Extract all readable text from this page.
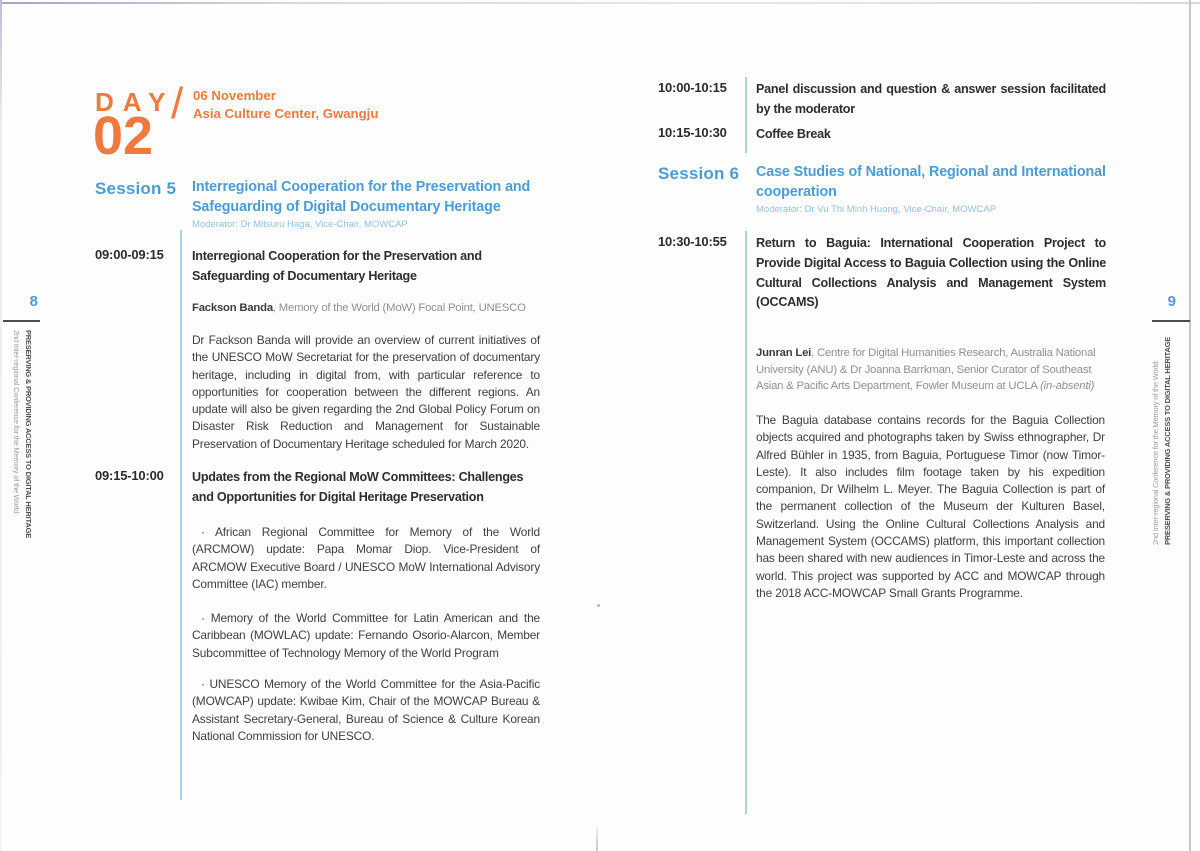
DAY
02
/ 06 November
Asia Culture Center, Gwangju
Session 5 Interregional Cooperation for the Preservation and Safeguarding of Digital Documentary Heritage
Moderator: Dr Mitsuru Haga, Vice-Chair, MOWCAP
09:00-09:15 Interregional Cooperation for the Preservation and Safeguarding of Documentary Heritage
Fackson Banda, Memory of the World (MoW) Focal Point, UNESCO
Dr Fackson Banda will provide an overview of current initiatives of the UNESCO MoW Secretariat for the preservation of documentary heritage, including in digital from, with particular reference to opportunities for cooperation between the different regions. An update will also be given regarding the 2nd Global Policy Forum on Disaster Risk Reduction and Management for Sustainable Preservation of Documentary Heritage scheduled for March 2020.
09:15-10:00 Updates from the Regional MoW Committees: Challenges and Opportunities for Digital Heritage Preservation
· African Regional Committee for Memory of the World (ARCMOW) update: Papa Momar Diop. Vice-President of ARCMOW Executive Board / UNESCO MoW International Advisory Committee (IAC) member.
· Memory of the World Committee for Latin American and the Caribbean (MOWLAC) update: Fernando Osorio-Alarcon, Member Subcommittee of Technology Memory of the World Program
· UNESCO Memory of the World Committee for the Asia-Pacific (MOWCAP) update: Kwibae Kim, Chair of the MOWCAP Bureau & Assistant Secretary-General, Bureau of Science & Culture Korean National Commission for UNESCO.
8
2nd Inter-regional Conference for the Memory of the World: PRESERVING & PROVIDING ACCESS TO DIGITAL HERITAGE
10:00-10:15 Panel discussion and question & answer session facilitated by the moderator
10:15-10:30 Coffee Break
Session 6 Case Studies of National, Regional and International cooperation
Moderator: Dr Vu Thi Minh Huong, Vice-Chair, MOWCAP
10:30-10:55 Return to Baguia: International Cooperation Project to Provide Digital Access to Baguia Collection using the Online Cultural Collections Analysis and Management System (OCCAMS)
Junran Lei, Centre for Digital Humanities Research, Australia National University (ANU) & Dr Joanna Barrkman, Senior Curator of Southeast Asian & Pacific Arts Department, Fowler Museum at UCLA (in-absenti)
The Baguia database contains records for the Baguia Collection objects acquired and photographs taken by Swiss ethnographer, Dr Alfred Bühler in 1935, from Baguia, Portuguese Timor (now Timor-Leste). It also includes film footage taken by his expedition companion, Dr Wilhelm L. Meyer. The Baguia Collection is part of the permanent collection of the Museum der Kulturen Basel, Switzerland. Using the Online Cultural Collections Analysis and Management System (OCCAMS) platform, this important collection has been shared with new audiences in Timor-Leste and across the world. This project was supported by ACC and MOWCAP through the 2018 ACC-MOWCAP Small Grants Programme.
9
2nd Inter-regional Conference for the Memory of the World: PRESERVING & PROVIDING ACCESS TO DIGITAL HERITAGE
